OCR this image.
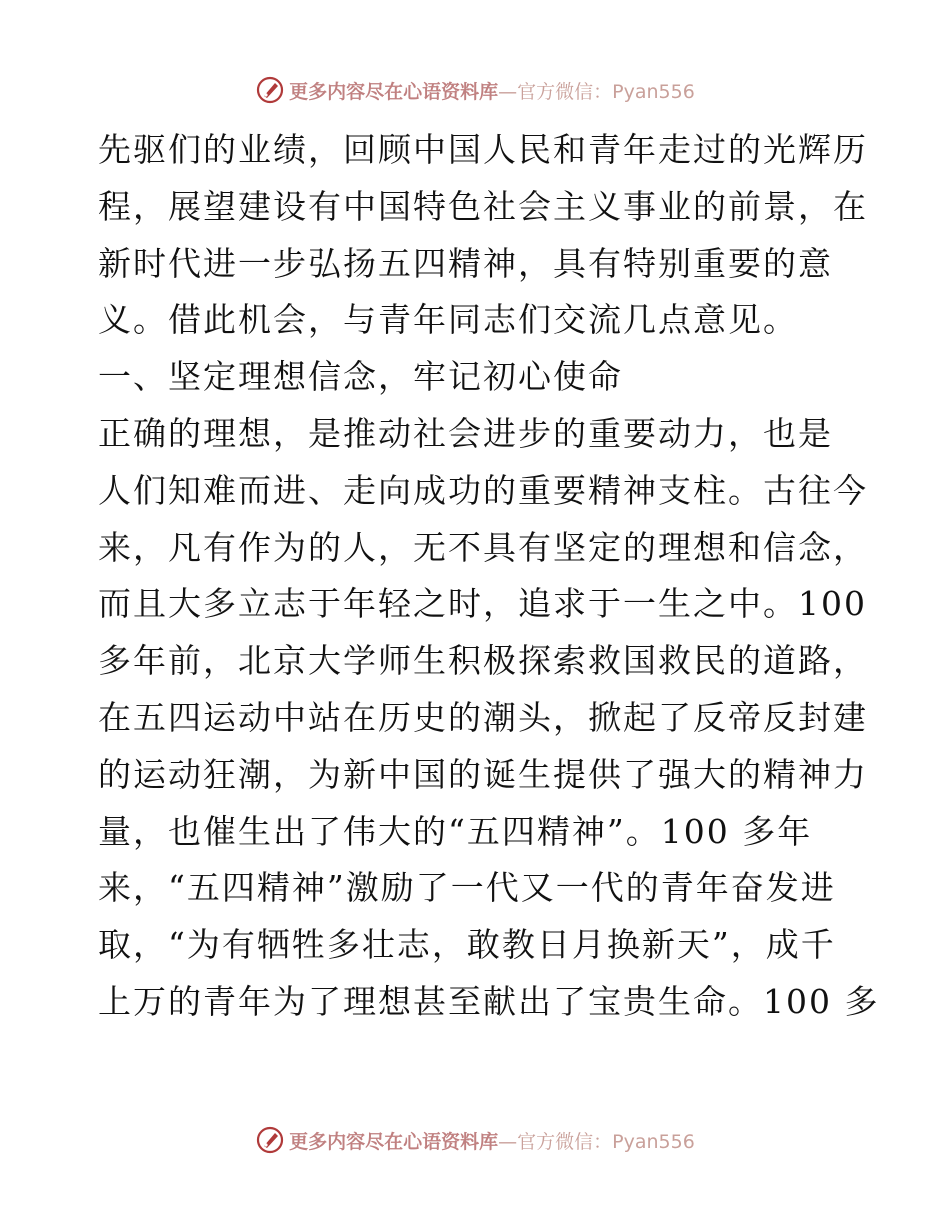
更多内容尽在心语资料库—官方微信：Pyan556
先驱们的业绩，回顾中国人民和青年走过的光辉历
程，展望建设有中国特色社会主义事业的前景，在
新时代进一步弘扬五四精神，具有特别重要的意
义。借此机会，与青年同志们交流几点意见。
一、坚定理想信念，牢记初心使命
正确的理想，是推动社会进步的重要动力，也是
人们知难而进、走向成功的重要精神支柱。古往今
来，凡有作为的人，无不具有坚定的理想和信念，
而且大多立志于年轻之时，追求于一生之中。100
多年前，北京大学师生积极探索救国救民的道路，
在五四运动中站在历史的潮头，掀起了反帝反封建
的运动狂潮，为新中国的诞生提供了强大的精神力
量，也催生出了伟大的“五四精神”。100 多年
来，“五四精神”激励了一代又一代的青年奋发进
取，“为有牺牲多壮志，敢教日月换新天”，成千
上万的青年为了理想甚至献出了宝贵生命。100 多
更多内容尽在心语资料库—官方微信：Pyan556
